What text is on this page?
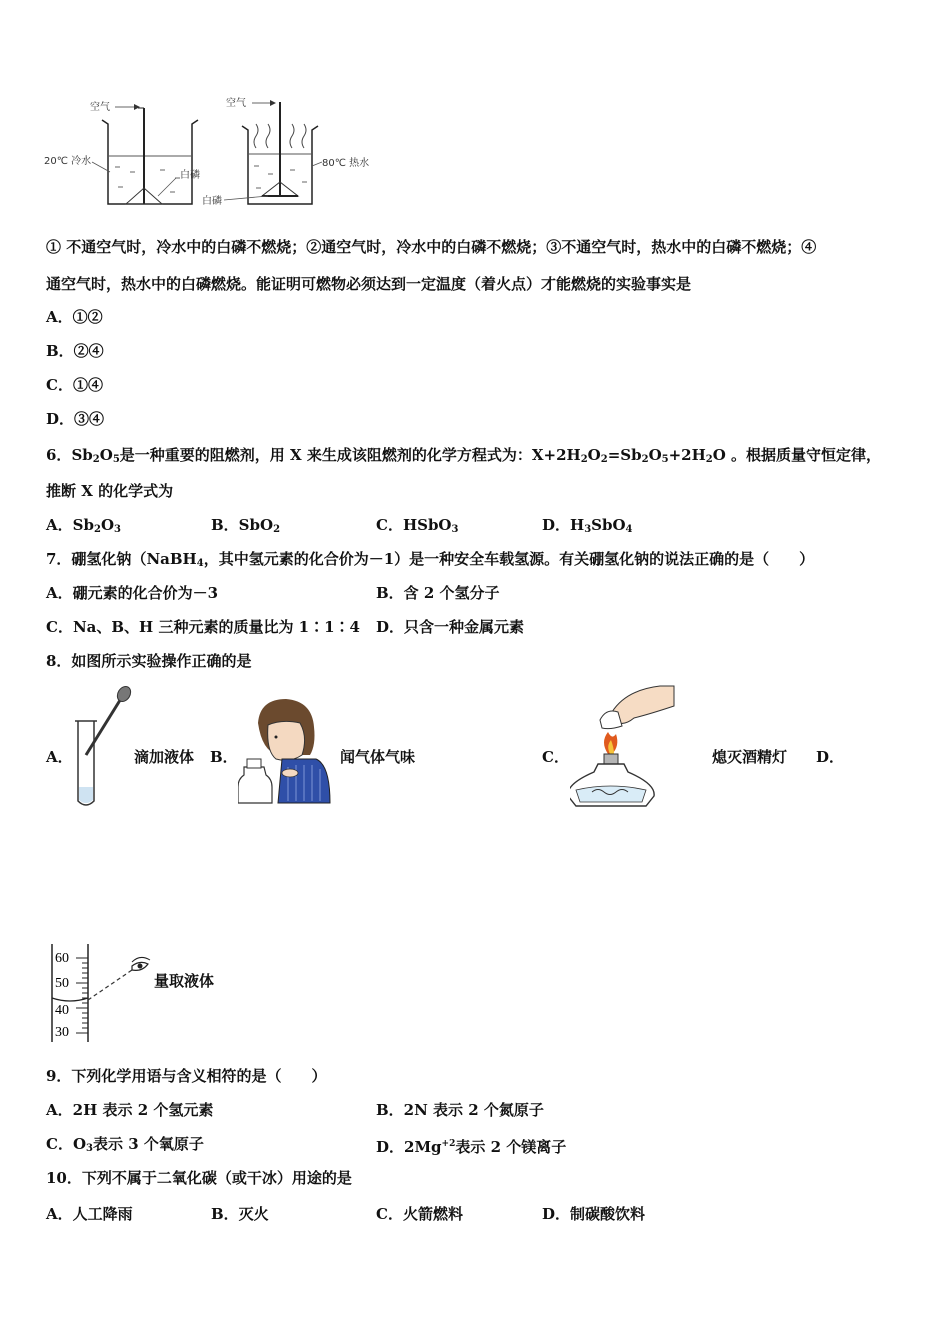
空气
20℃ 冷水
白磷
空气
80℃ 热水
白磷
① 不通空气时，冷水中的白磷不燃烧；②通空气时，冷水中的白磷不燃烧；③不通空气时，热水中的白磷不燃烧；④
通空气时，热水中的白磷燃烧。能证明可燃物必须达到一定温度（着火点）才能燃烧的实验事实是
A．①②
B．②④
C．①④
D．③④
6．$Sb_2O_5$是一种重要的阻燃剂，用 X 来生成该阻燃剂的化学方程式为：$X+2H_2O_2=Sb_2O_5+2H_2O$ 。根据质量守恒定律，
推断 X 的化学式为
A．$Sb_2O_3$	B．SbO$_2$	C．HSbO$_3$	D．$H_3SbO_4$
7．硼氢化钠（NaBH$_4$，其中氢元素的化合价为－1）是一种安全车载氢源。有关硼氢化钠的说法正确的是（　　）
A．硼元素的化合价为－3	B．含 2 个氢分子
C．Na、B、H 三种元素的质量比为 1∶1∶4 D．只含一种金属元素
8．如图所示实验操作正确的是
A．	滴加液体 B．	闻气体气味	C．	熄灭酒精灯 D．
60
50
40
30
量取液体
9．下列化学用语与含义相符的是（　　）
A．2H 表示 2 个氢元素	B．2N 表示 2 个氮原子
C．$O_3$表示 3 个氧原子	D．$2Mg^{+2}$表示 2 个镁离子
10．下列不属于二氧化碳（或干冰）用途的是
A．人工降雨	B．灭火	C．火箭燃料	D．制碳酸饮料
